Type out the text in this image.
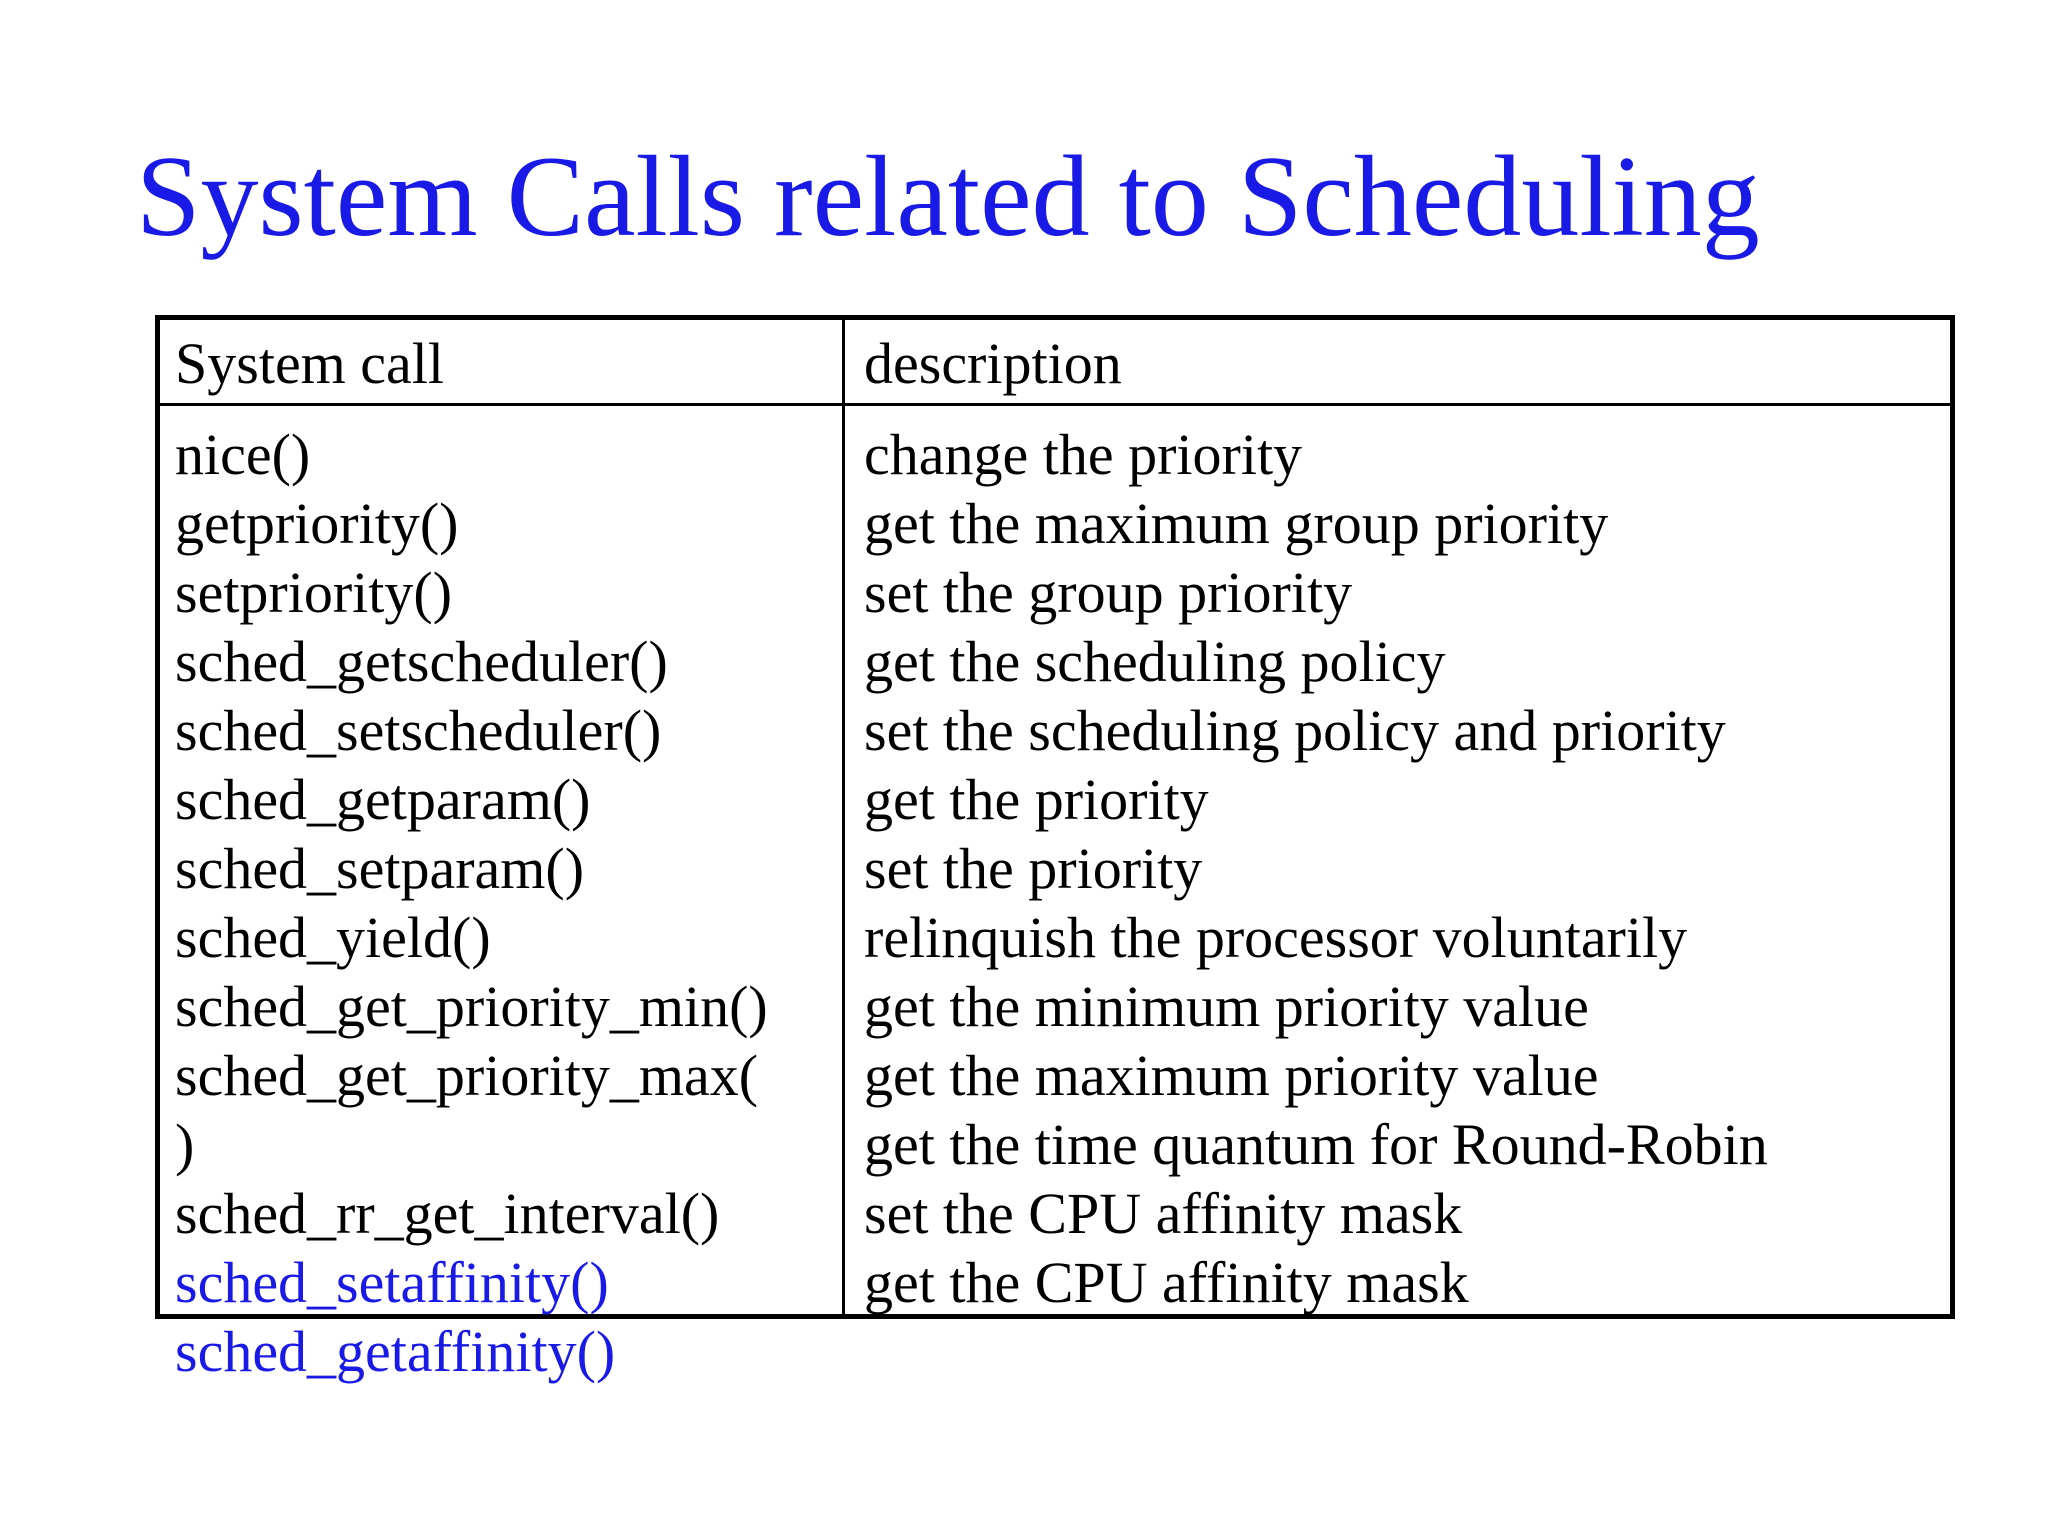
System Calls related to Scheduling
System call	description
nice()
getpriority()
setpriority()
sched_getscheduler()
sched_setscheduler()
sched_getparam()
sched_setparam()
sched_yield()
sched_get_priority_min()
sched_get_priority_max(
)
sched_rr_get_interval()
sched_setaffinity()
sched_getaffinity()
change the priority
get the maximum group priority
set the group priority
get the scheduling policy
set the scheduling policy and priority
get the priority
set the priority
relinquish the processor voluntarily
get the minimum priority value
get the maximum priority value
get the time quantum for Round-Robin
set the CPU affinity mask
get the CPU affinity mask
